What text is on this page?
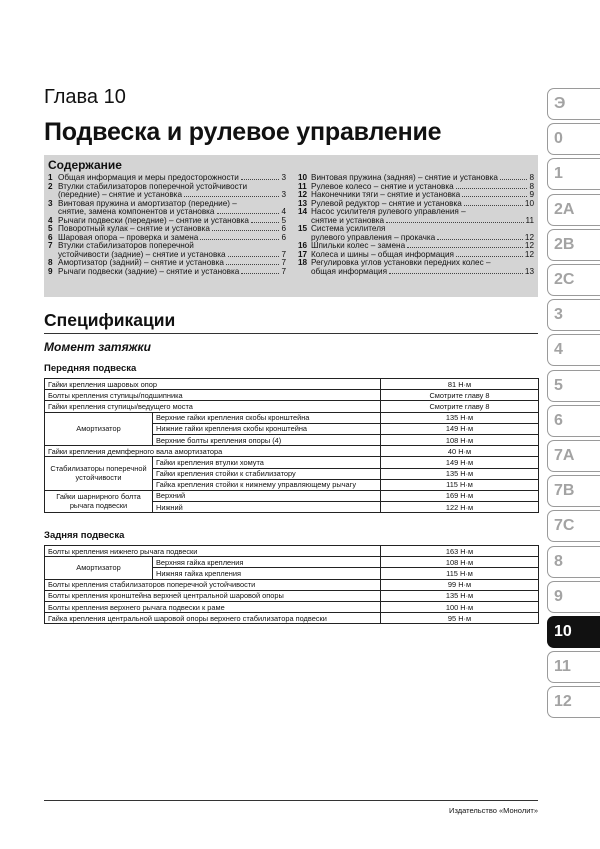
Глава 10
Подвеска и рулевое управление
Содержание
1 Общая информация и меры предосторожности	3
2 Втулки стабилизаторов поперечной устойчивости
(передние) – снятие и установка	3
3 Винтовая пружина и амортизатор (передние) –
снятие, замена компонентов и установка	4
4 Рычаги подвески (передние) – снятие и установка	5
5 Поворотный кулак – снятие и установка	6
6 Шаровая опора – проверка и замена	6
7 Втулки стабилизаторов поперечной
устойчивости (задние) – снятие и установка	7
8 Амортизатор (задний) – снятие и установка	7
9 Рычаги подвески (задние) – снятие и установка	7
10 Винтовая пружина (задняя) – снятие и установка	8
11 Рулевое колесо – снятие и установка	8
12 Наконечники тяги – снятие и установка	9
13 Рулевой редуктор – снятие и установка	10
14 Насос усилителя рулевого управления –
снятие и установка	11
15 Система усилителя
рулевого управления – прокачка	12
16 Шпильки колес – замена	12
17 Колеса и шины – общая информация	12
18 Регулировка углов установки передних колес –
общая информация	13
Спецификации
Момент затяжки
Передняя подвеска
Гайки крепления шаровых опор		81 Н·м
Болты крепления ступицы/подшипника		Смотрите главу 8
Гайки крепления ступицы/ведущего моста		Смотрите главу 8
Амортизатор	Верхние гайки крепления скобы кронштейна	135 Н·м
	Нижние гайки крепления скобы кронштейна	149 Н·м
	Верхние болты крепления опоры (4)	108 Н·м
Гайки крепления демпферного вала амортизатора		40 Н·м
Стабилизаторы поперечной устойчивости	Гайки крепления втулки хомута	149 Н·м
	Гайки крепления стойки к стабилизатору	135 Н·м
	Гайка крепления стойки к нижнему управляющему рычагу	115 Н·м
Гайки шарнирного болта рычага подвески	Верхний	169 Н·м
	Нижний	122 Н·м
Задняя подвеска
Болты крепления нижнего рычага подвески		163 Н·м
Амортизатор	Верхняя гайка крепления	108 Н·м
	Нижняя гайка крепления	115 Н·м
Болты крепления стабилизаторов поперечной устойчивости		99 Н·м
Болты крепления кронштейна верхней центральной шаровой опоры		135 Н·м
Болты крепления верхнего рычага подвески к раме		100 Н·м
Гайка крепления центральной шаровой опоры верхнего стабилизатора подвески		95 Н·м
Э
0
1
2A
2B
2C
3
4
5
6
7A
7B
7C
8
9
10
11
12
Издательство «Монолит»
